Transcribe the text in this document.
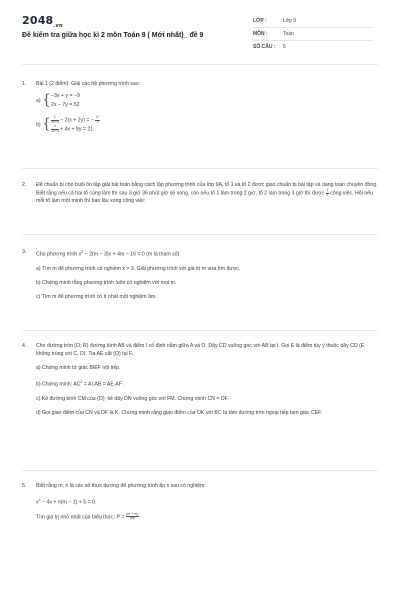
$2048_{.vn}$
Đề kiểm tra giữa học kì 2 môn Toán 9 ( Mới nhất)_ đề 9
LỚP :	Lớp 9
MÔN :	Toán
SỐ CÂU : 5
1. Bài 1 (2 điểm): Giải các hệ phương trình sau:
a) { −3x + y = −9
2x − 7y = 52
b) { $\frac{1}{2x-3} - 2(x + 2y)$ = − $\frac{17}{2}$
$\frac{4}{2x-3} + 4x + 8y = 21$
2. Để chuẩn bị cho buổi ôn tập giải bài toán bằng cách lập phương trình của lớp 9A, tổ 1 và tổ 2 được giao chuẩn bị bài tập và dạng toán chuyên đồng. Biết rằng nếu cả hai tổ cùng làm thì sau 3 giờ 36 phút giờ sẽ xong, còn nếu tổ 1 làm trong 2 giờ, tổ 2 làm trong 3 giờ thì được $\frac{1}{2}$ công việc. Hỏi nếu mỗi tổ làm một mình thì bao lâu xong công việc
3. Cho phương trình $x^2 - 2(m - 3)x + 4m - 16 = 0$ (m là tham số)
a) Tìm m để phương trình có nghiệm x = 3. Giải phương trình với giá trị m vừa tìm được.
b) Chứng minh rằng phương trình luôn có nghiệm với mọi m.
c) Tìm m để phương trình có ít nhất một nghiệm âm.
4. Cho đường tròn (O; R) đường kính AB và điểm I cố định nằm giữa A và O. Dây CD vuông góc với AB tại I. Gọi E là điểm tùy ý thuộc dây CD (E không trùng với C, D). Tia AE cắt (O) tại F.
a) Chứng minh tứ giác BIEF nội tiếp.
b) Chứng minh: $AC^2 = AI.AB = AE.AF$ .
c) Kẻ đường kính CM của (O); kẻ dây DN vuông góc với FM. Chứng minh CN = DF.
d) Gọi giao điểm của CN và DF là K. Chứng minh rằng giao điểm của OK với BC là tâm đường tròn ngoại tiếp tam giác CEF.
5. Biết rằng m, n là các số thực dương để phương trình ẩn x sau có nghiệm:
$x^2 - 4x + n(m - 1) + 5 = 0$.
Tìm giá trị nhỏ nhất của biểu thức: $P = \frac{\text{(m + n)²}}{mn}$
